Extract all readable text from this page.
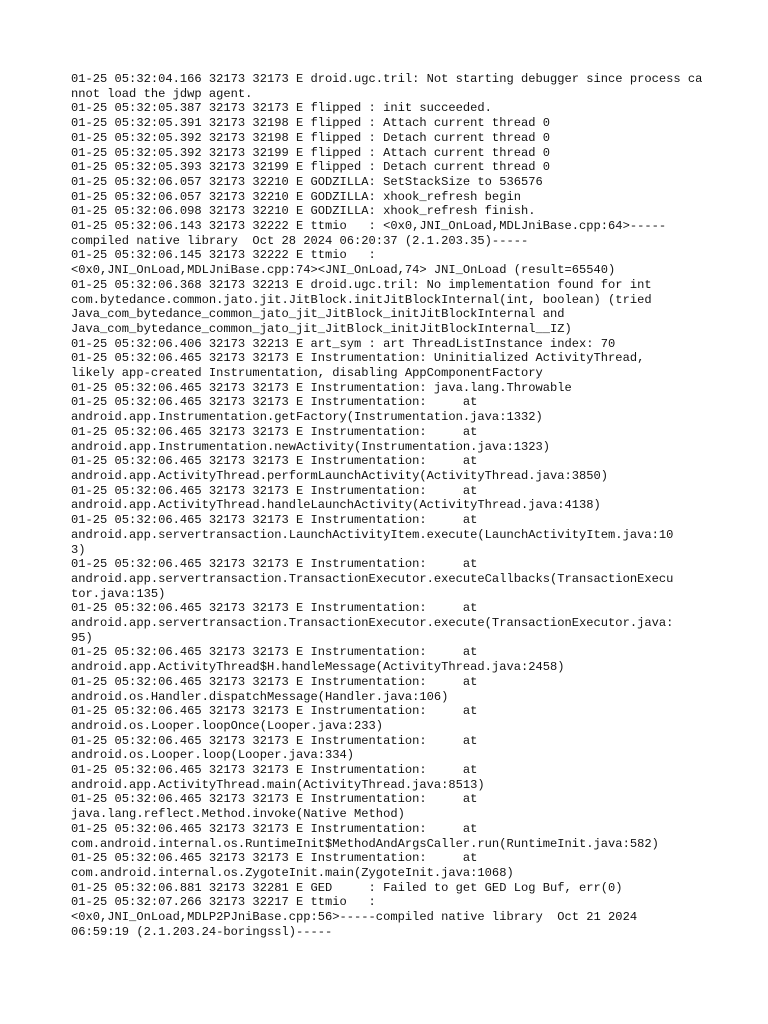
01-25 05:32:04.166 32173 32173 E droid.ugc.tril: Not starting debugger since process cannot load the jdwp agent.

01-25 05:32:05.387 32173 32173 E flipped : init succeeded.

01-25 05:32:05.391 32173 32198 E flipped : Attach current thread 0

01-25 05:32:05.392 32173 32198 E flipped : Detach current thread 0

01-25 05:32:05.392 32173 32199 E flipped : Attach current thread 0

01-25 05:32:05.393 32173 32199 E flipped : Detach current thread 0

01-25 05:32:06.057 32173 32210 E GODZILLA: SetStackSize to 536576

01-25 05:32:06.057 32173 32210 E GODZILLA: xhook_refresh begin

01-25 05:32:06.098 32173 32210 E GODZILLA: xhook_refresh finish.

01-25 05:32:06.143 32173 32222 E ttmio   : <0x0,JNI_OnLoad,MDLJniBase.cpp:64>-----
compiled native library  Oct 28 2024 06:20:37 (2.1.203.35)-----

01-25 05:32:06.145 32173 32222 E ttmio   :
<0x0,JNI_OnLoad,MDLJniBase.cpp:74><JNI_OnLoad,74> JNI_OnLoad (result=65540)

01-25 05:32:06.368 32173 32213 E droid.ugc.tril: No implementation found for int
com.bytedance.common.jato.jit.JitBlock.initJitBlockInternal(int, boolean) (tried
Java_com_bytedance_common_jato_jit_JitBlock_initJitBlockInternal and
Java_com_bytedance_common_jato_jit_JitBlock_initJitBlockInternal__IZ)

01-25 05:32:06.406 32173 32213 E art_sym : art ThreadListInstance index: 70

01-25 05:32:06.465 32173 32173 E Instrumentation: Uninitialized ActivityThread,
likely app-created Instrumentation, disabling AppComponentFactory

01-25 05:32:06.465 32173 32173 E Instrumentation: java.lang.Throwable

01-25 05:32:06.465 32173 32173 E Instrumentation:     at
android.app.Instrumentation.getFactory(Instrumentation.java:1332)

01-25 05:32:06.465 32173 32173 E Instrumentation:     at
android.app.Instrumentation.newActivity(Instrumentation.java:1323)

01-25 05:32:06.465 32173 32173 E Instrumentation:     at
android.app.ActivityThread.performLaunchActivity(ActivityThread.java:3850)

01-25 05:32:06.465 32173 32173 E Instrumentation:     at
android.app.ActivityThread.handleLaunchActivity(ActivityThread.java:4138)

01-25 05:32:06.465 32173 32173 E Instrumentation:     at
android.app.servertransaction.LaunchActivityItem.execute(LaunchActivityItem.java:10
3)

01-25 05:32:06.465 32173 32173 E Instrumentation:     at
android.app.servertransaction.TransactionExecutor.executeCallbacks(TransactionExecu
tor.java:135)

01-25 05:32:06.465 32173 32173 E Instrumentation:     at
android.app.servertransaction.TransactionExecutor.execute(TransactionExecutor.java:
95)

01-25 05:32:06.465 32173 32173 E Instrumentation:     at
android.app.ActivityThread$H.handleMessage(ActivityThread.java:2458)

01-25 05:32:06.465 32173 32173 E Instrumentation:     at
android.os.Handler.dispatchMessage(Handler.java:106)

01-25 05:32:06.465 32173 32173 E Instrumentation:     at
android.os.Looper.loopOnce(Looper.java:233)

01-25 05:32:06.465 32173 32173 E Instrumentation:     at
android.os.Looper.loop(Looper.java:334)

01-25 05:32:06.465 32173 32173 E Instrumentation:     at
android.app.ActivityThread.main(ActivityThread.java:8513)

01-25 05:32:06.465 32173 32173 E Instrumentation:     at
java.lang.reflect.Method.invoke(Native Method)

01-25 05:32:06.465 32173 32173 E Instrumentation:     at
com.android.internal.os.RuntimeInit$MethodAndArgsCaller.run(RuntimeInit.java:582)

01-25 05:32:06.465 32173 32173 E Instrumentation:     at
com.android.internal.os.ZygoteInit.main(ZygoteInit.java:1068)

01-25 05:32:06.881 32173 32281 E GED     : Failed to get GED Log Buf, err(0)

01-25 05:32:07.266 32173 32217 E ttmio   :
<0x0,JNI_OnLoad,MDLP2PJniBase.cpp:56>-----compiled native library  Oct 21 2024
06:59:19 (2.1.203.24-boringssl)-----
